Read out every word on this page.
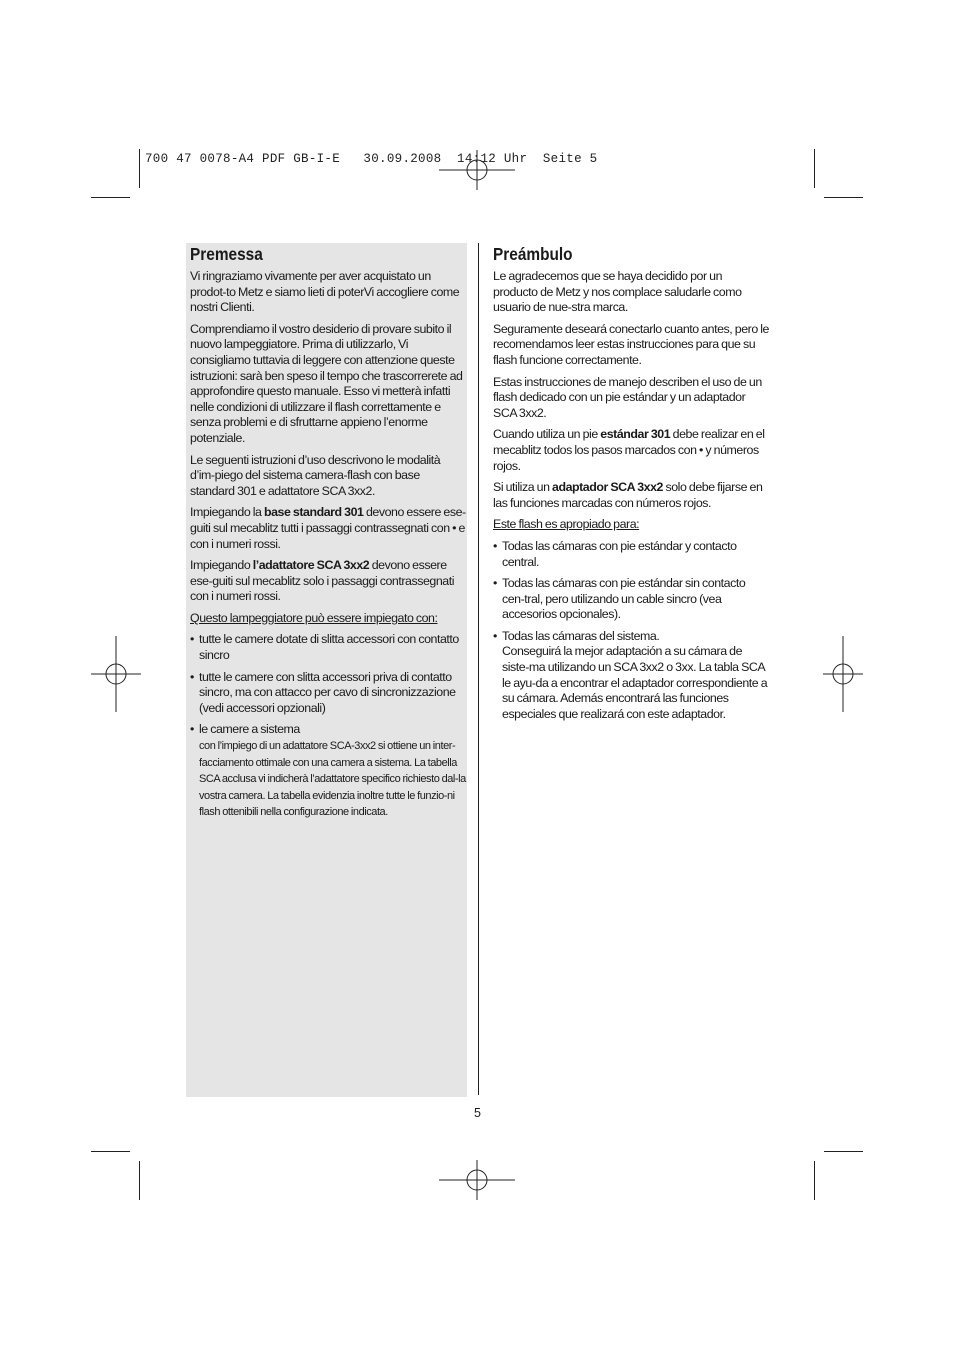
700 47 0078-A4 PDF GB-I-E   30.09.2008  14:12 Uhr  Seite 5
Premessa

Vi ringraziamo vivamente per aver acquistato un prodot-to Metz e siamo lieti di poterVi accogliere come nostri Clienti.

Comprendiamo il vostro desiderio di provare subito il nuovo lampeggiatore. Prima di utilizzarlo, Vi consigliamo tuttavia di leggere con attenzione queste istruzioni: sarà ben speso il tempo che trascorrerete ad approfondire questo manuale. Esso vi metterà infatti nelle condizioni di utilizzare il flash correttamente e senza problemi e di sfruttarne appieno l’enorme potenziale.

Le seguenti istruzioni d’uso descrivono le modalità d’im-piego del sistema camera-flash con base standard 301 e adattatore SCA 3xx2.

Impiegando la base standard 301 devono essere ese-guiti sul mecablitz tutti i passaggi contrassegnati con • e con i numeri rossi.

Impiegando l’adattatore SCA 3xx2 devono essere ese-guiti sul mecablitz solo i passaggi contrassegnati con i numeri rossi.

Questo lampeggiatore può essere impiegato con:

• tutte le camere dotate di slitta accessori con contatto sincro
• tutte le camere con slitta accessori priva di contatto sincro, ma con attacco per cavo di sincronizzazione (vedi accessori opzionali)
• le camere a sistema
con l’impiego di un adattatore SCA-3xx2 si ottiene un inter-facciamento ottimale con una camera a sistema. La tabella SCA acclusa vi indicherà l’adattatore specifico richiesto dal-la vostra camera. La tabella evidenzia inoltre tutte le funzio-ni flash ottenibili nella configurazione indicata.
Preámbulo

Le agradecemos que se haya decidido por un producto de Metz y nos complace saludarle como usuario de nue-stra marca.

Seguramente deseará conectarlo cuanto antes, pero le recomendamos leer estas instrucciones para que su flash funcione correctamente.

Estas instrucciones de manejo describen el uso de un flash dedicado con un pie estándar y un adaptador SCA 3xx2.

Cuando utiliza un pie estándar 301 debe realizar en el mecablitz todos los pasos marcados con • y números rojos.

Si utiliza un adaptador SCA 3xx2 solo debe fijarse en las funciones marcadas con números rojos.

Este flash es apropiado para:

• Todas las cámaras con pie estándar y contacto central.
• Todas las cámaras con pie estándar sin contacto cen-tral, pero utilizando un cable sincro (vea accesorios opcionales).
• Todas las cámaras del sistema.
Conseguirá la mejor adaptación a su cámara de siste-ma utilizando un SCA 3xx2 o 3xx. La tabla SCA le ayu-da a encontrar el adaptador correspondiente a su cámara. Además encontrará las funciones especiales que realizará con este adaptador.
5
